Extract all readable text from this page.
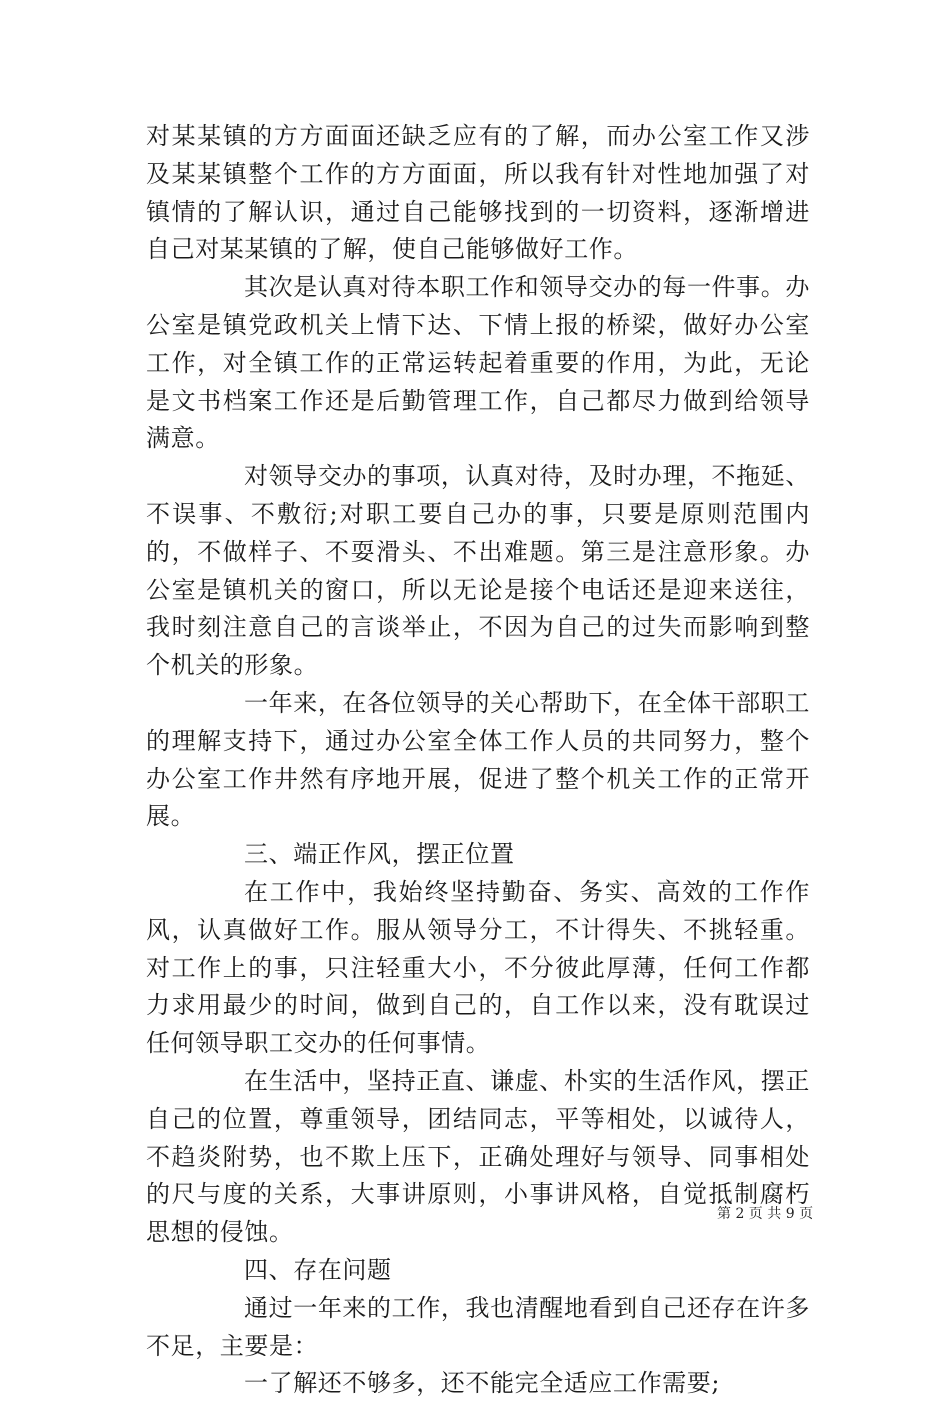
对某某镇的方方面面还缺乏应有的了解，而办公室工作又涉及某某镇整个工作的方方面面，所以我有针对性地加强了对镇情的了解认识，通过自己能够找到的一切资料，逐渐增进自己对某某镇的了解，使自己能够做好工作。

其次是认真对待本职工作和领导交办的每一件事。办公室是镇党政机关上情下达、下情上报的桥梁，做好办公室工作，对全镇工作的正常运转起着重要的作用，为此，无论是文书档案工作还是后勤管理工作，自己都尽力做到给领导满意。

对领导交办的事项，认真对待，及时办理，不拖延、不误事、不敷衍;对职工要自己办的事，只要是原则范围内的，不做样子、不耍滑头、不出难题。第三是注意形象。办公室是镇机关的窗口，所以无论是接个电话还是迎来送往，我时刻注意自己的言谈举止，不因为自己的过失而影响到整个机关的形象。

一年来，在各位领导的关心帮助下，在全体干部职工的理解支持下，通过办公室全体工作人员的共同努力，整个办公室工作井然有序地开展，促进了整个机关工作的正常开展。

三、端正作风，摆正位置

在工作中，我始终坚持勤奋、务实、高效的工作作风，认真做好工作。服从领导分工，不计得失、不挑轻重。对工作上的事，只注轻重大小，不分彼此厚薄，任何工作都力求用最少的时间，做到自己的，自工作以来，没有耽误过任何领导职工交办的任何事情。

在生活中，坚持正直、谦虚、朴实的生活作风，摆正自己的位置，尊重领导，团结同志，平等相处，以诚待人，不趋炎附势，也不欺上压下，正确处理好与领导、同事相处的尺与度的关系，大事讲原则，小事讲风格，自觉抵制腐朽思想的侵蚀。

四、存在问题

通过一年来的工作，我也清醒地看到自己还存在许多不足，主要是：

一了解还不够多，还不能完全适应工作需要;

第 2 页 共 9 页
